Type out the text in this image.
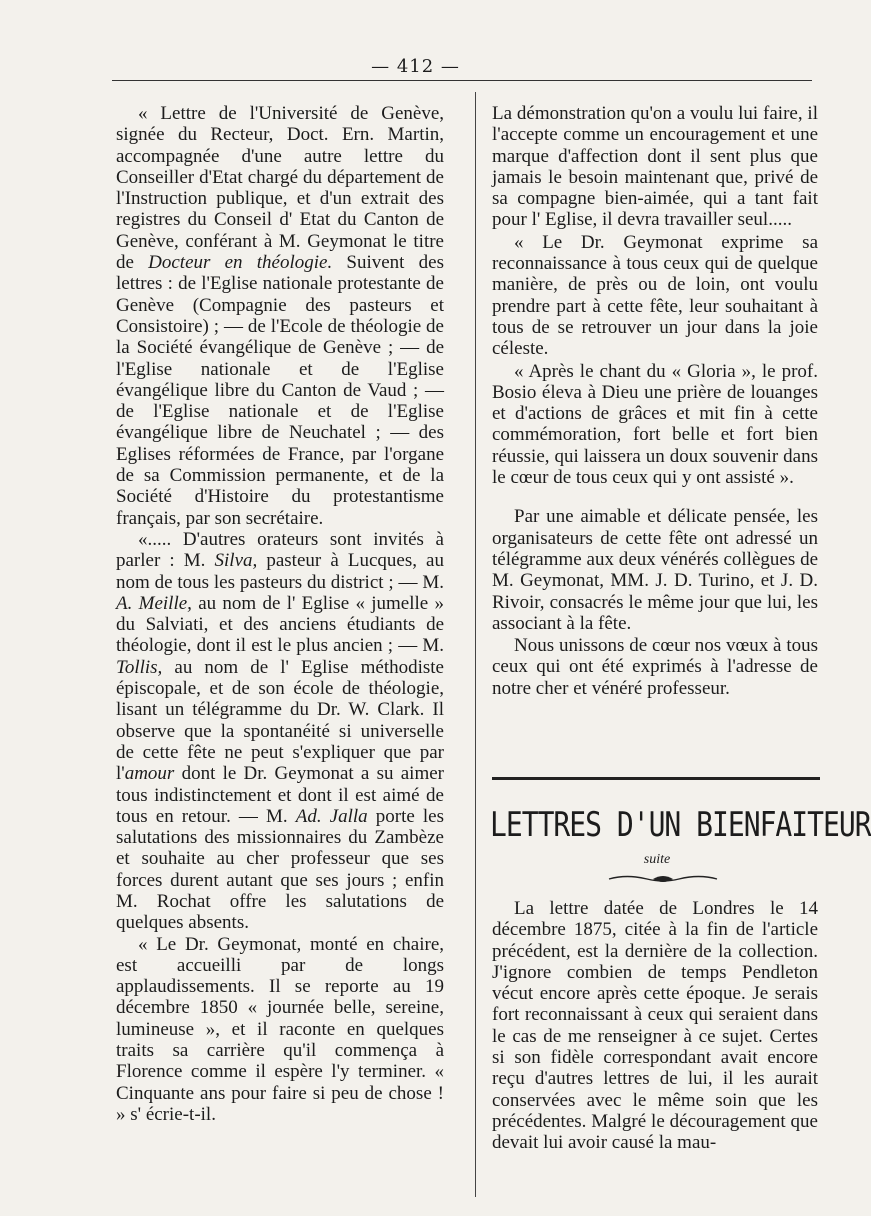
— 412 —

« Lettre de l'Université de Genève, signée du Recteur, Doct. Ern. Martin, accompagnée d'une autre lettre du Conseiller d'Etat chargé du département de l'Instruction publique, et d'un extrait des registres du Conseil d' Etat du Canton de Genève, conférant à M. Geymonat le titre de Docteur en théologie. Suivent des lettres : de l'Eglise nationale protestante de Genève (Compagnie des pasteurs et Consistoire) ; — de l'Ecole de théologie de la Société évangélique de Genève ; — de l'Eglise nationale et de l'Eglise évangélique libre du Canton de Vaud ; — de l'Eglise nationale et de l'Eglise évangélique libre de Neuchatel ; — des Eglises réformées de France, par l'organe de sa Commission permanente, et de la Société d'Histoire du protestantisme français, par son secrétaire.

«..... D'autres orateurs sont invités à parler : M. Silva, pasteur à Lucques, au nom de tous les pasteurs du district ; — M. A. Meille, au nom de l' Eglise « jumelle » du Salviati, et des anciens étudiants de théologie, dont il est le plus ancien ; — M. Tollis, au nom de l' Eglise méthodiste épiscopale, et de son école de théologie, lisant un télégramme du Dr. W. Clark. Il observe que la spontanéité si universelle de cette fête ne peut s'expliquer que par l'amour dont le Dr. Geymonat a su aimer tous indistinctement et dont il est aimé de tous en retour. — M. Ad. Jalla porte les salutations des missionnaires du Zambèze et souhaite au cher professeur que ses forces durent autant que ses jours ; enfin M. Rochat offre les salutations de quelques absents.

« Le Dr. Geymonat, monté en chaire, est accueilli par de longs applaudissements. Il se reporte au 19 décembre 1850 « journée belle, sereine, lumineuse », et il raconte en quelques traits sa carrière qu'il commença à Florence comme il espère l'y terminer. « Cinquante ans pour faire si peu de chose ! » s' écrie-t-il.

La démonstration qu'on a voulu lui faire, il l'accepte comme un encouragement et une marque d'affection dont il sent plus que jamais le besoin maintenant que, privé de sa compagne bien-aimée, qui a tant fait pour l' Eglise, il devra travailler seul.....

« Le Dr. Geymonat exprime sa reconnaissance à tous ceux qui de quelque manière, de près ou de loin, ont voulu prendre part à cette fête, leur souhaitant à tous de se retrouver un jour dans la joie céleste.

« Après le chant du « Gloria », le prof. Bosio éleva à Dieu une prière de louanges et d'actions de grâces et mit fin à cette commémoration, fort belle et fort bien réussie, qui laissera un doux souvenir dans le cœur de tous ceux qui y ont assisté ».

Par une aimable et délicate pensée, les organisateurs de cette fête ont adressé un télégramme aux deux vénérés collègues de M. Geymonat, MM. J. D. Turino, et J. D. Rivoir, consacrés le même jour que lui, les associant à la fête.

Nous unissons de cœur nos vœux à tous ceux qui ont été exprimés à l'adresse de notre cher et vénéré professeur.

LETTRES D'UN BIENFAITEUR
suite

La lettre datée de Londres le 14 décembre 1875, citée à la fin de l'article précédent, est la dernière de la collection. J'ignore combien de temps Pendleton vécut encore après cette époque. Je serais fort reconnaissant à ceux qui seraient dans le cas de me renseigner à ce sujet. Certes si son fidèle correspondant avait encore reçu d'autres lettres de lui, il les aurait conservées avec le même soin que les précédentes. Malgré le découragement que devait lui avoir causé la mau-
